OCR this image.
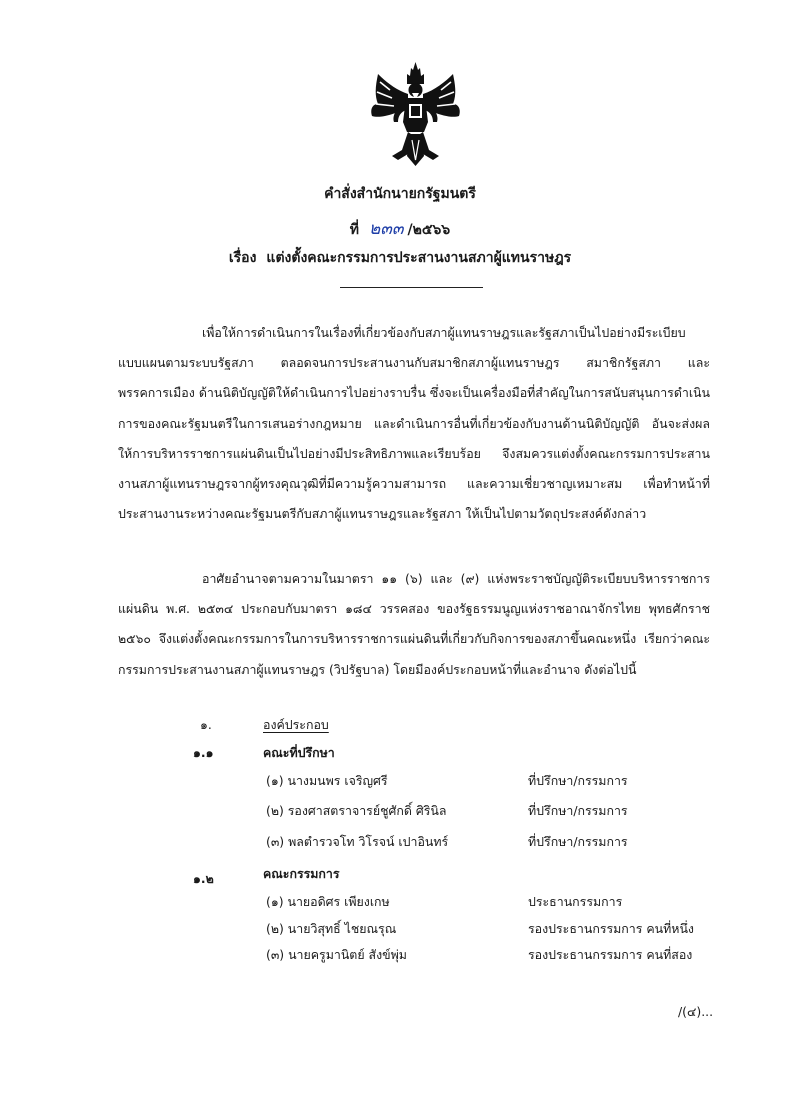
คำสั่งสำนักนายกรัฐมนตรี
ที่ ๒๓๓ /๒๕๖๖
เรื่อง แต่งตั้งคณะกรรมการประสานงานสภาผู้แทนราษฎร

เพื่อให้การดำเนินการในเรื่องที่เกี่ยวข้องกับสภาผู้แทนราษฎรและรัฐสภาเป็นไปอย่างมีระเบียบแบบแผนตามระบบรัฐสภา ตลอดจนการประสานงานกับสมาชิกสภาผู้แทนราษฎร สมาชิกรัฐสภา และพรรคการเมือง ด้านนิติบัญญัติให้ดำเนินการไปอย่างราบรื่น ซึ่งจะเป็นเครื่องมือที่สำคัญในการสนับสนุนการดำเนินการของคณะรัฐมนตรีในการเสนอร่างกฎหมาย และดำเนินการอื่นที่เกี่ยวข้องกับงานด้านนิติบัญญัติ อันจะส่งผลให้การบริหารราชการแผ่นดินเป็นไปอย่างมีประสิทธิภาพและเรียบร้อย จึงสมควรแต่งตั้งคณะกรรมการประสานงานสภาผู้แทนราษฎรจากผู้ทรงคุณวุฒิที่มีความรู้ความสามารถ และความเชี่ยวชาญเหมาะสม เพื่อทำหน้าที่ประสานงานระหว่างคณะรัฐมนตรีกับสภาผู้แทนราษฎรและรัฐสภา ให้เป็นไปตามวัตถุประสงค์ดังกล่าว

อาศัยอำนาจตามความในมาตรา ๑๑ (๖) และ (๙) แห่งพระราชบัญญัติระเบียบบริหารราชการแผ่นดิน พ.ศ. ๒๕๓๔ ประกอบกับมาตรา ๑๘๔ วรรคสอง ของรัฐธรรมนูญแห่งราชอาณาจักรไทย พุทธศักราช ๒๕๖๐ จึงแต่งตั้งคณะกรรมการในการบริหารราชการแผ่นดินที่เกี่ยวกับกิจการของสภาขึ้นคณะหนึ่ง เรียกว่าคณะกรรมการประสานงานสภาผู้แทนราษฎร (วิปรัฐบาล) โดยมีองค์ประกอบหน้าที่และอำนาจ ดังต่อไปนี้

๑.	องค์ประกอบ
๑.๑	คณะที่ปรึกษา
(๑) นางมนพร เจริญศรี	ที่ปรึกษา/กรรมการ
(๒) รองศาสตราจารย์ชูศักดิ์ ศิรินิล	ที่ปรึกษา/กรรมการ
(๓) พลตำรวจโท วิโรจน์ เปาอินทร์	ที่ปรึกษา/กรรมการ
๑.๒	คณะกรรมการ
(๑) นายอดิศร เพียงเกษ	ประธานกรรมการ
(๒) นายวิสุทธิ์ ไชยณรุณ	รองประธานกรรมการ คนที่หนึ่ง
(๓) นายครูมานิตย์ สังข์พุ่ม	รองประธานกรรมการ คนที่สอง
/(๔)...
